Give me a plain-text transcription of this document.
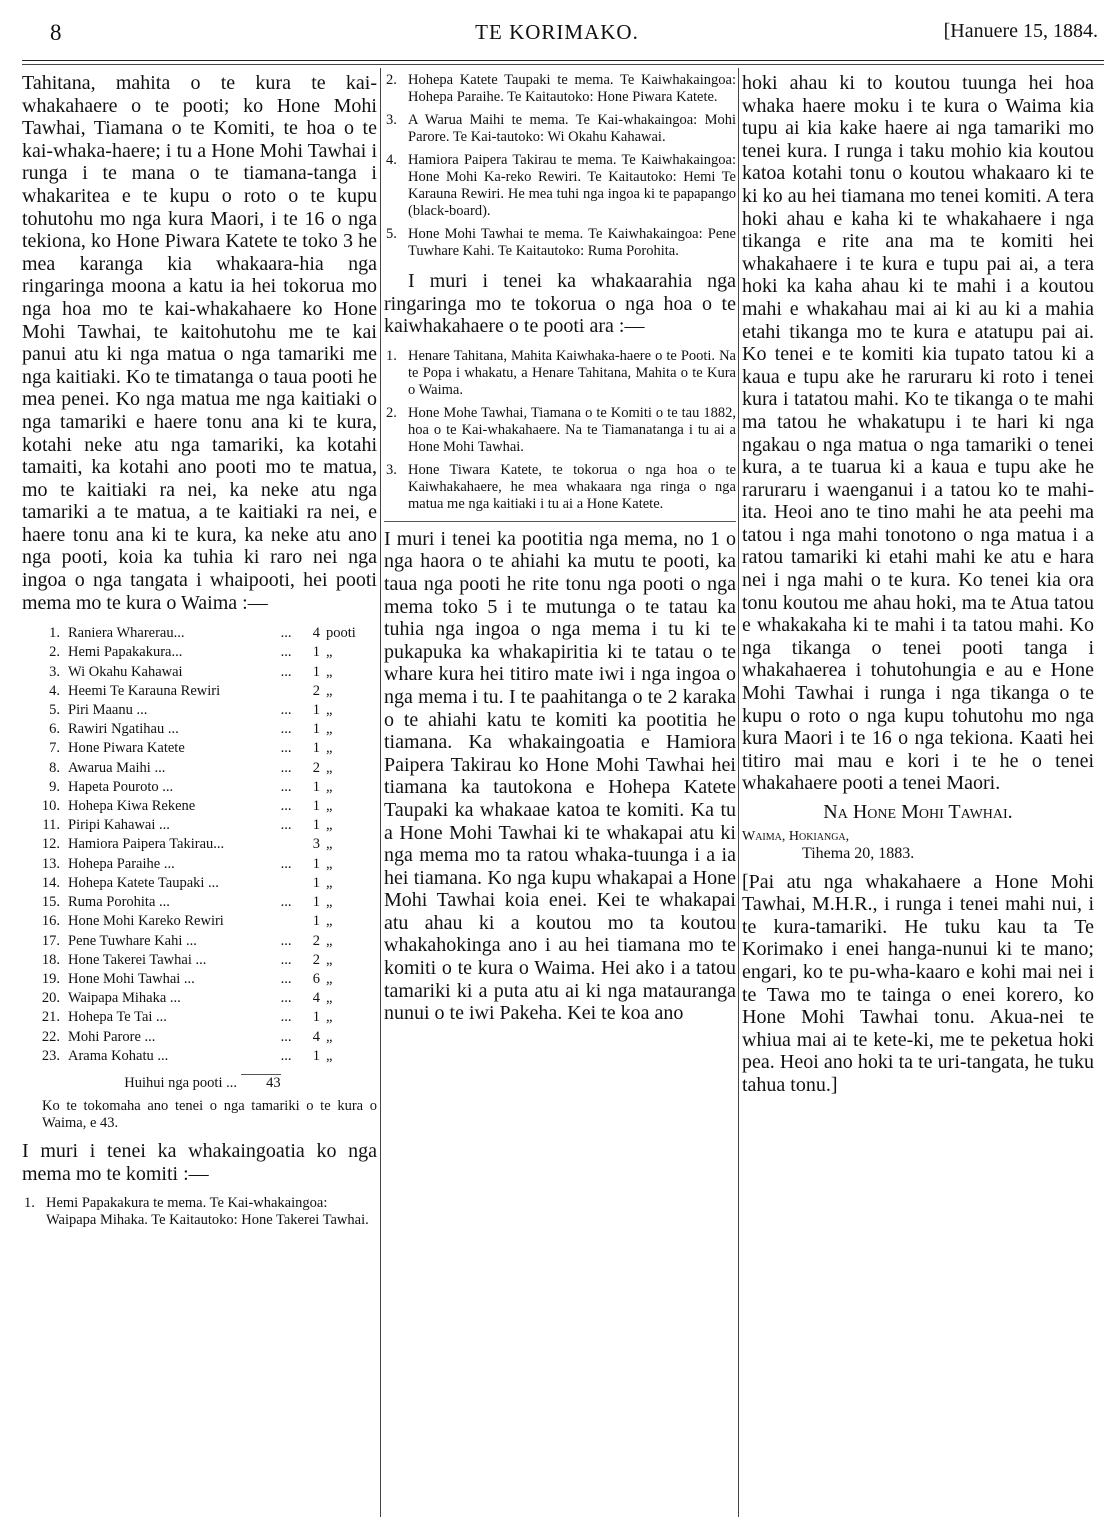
8	TE KORIMAKO.	[Hanuere 15, 1884.

Tahitana, mahita o te kura te kai-whakahaere o te pooti; ko Hone Mohi Tawhai, Tiamana o te Komiti, te hoa o te kai-whaka-haere; i tu a Hone Mohi Tawhai i runga i te mana o te tiamana-tanga i whakaritea e te kupu o roto o te kupu tohutohu mo nga kura Maori, i te 16 o nga tekiona, ko Hone Piwara Katete te toko 3 he mea karanga kia whakaara-hia nga ringaringa moona a katu ia hei tokorua mo nga hoa mo te kai-whakahaere ko Hone Mohi Tawhai, te kaitohutohu me te kai panui atu ki nga matua o nga tamariki me nga kaitiaki. Ko te timatanga o taua pooti he mea penei. Ko nga matua me nga kaitiaki o nga tamariki e haere tonu ana ki te kura, kotahi neke atu nga tamariki, ka kotahi tamaiti, ka kotahi ano pooti mo te matua, mo te kaitiaki ra nei, ka neke atu nga tamariki a te matua, a te kaitiaki ra nei, e haere tonu ana ki te kura, ka neke atu ano nga pooti, koia ka tuhia ki raro nei nga ingoa o nga tangata i whaipooti, hei pooti mema mo te kura o Waima :—

1.	Raniera Wharerau...	...	4	pooti
2.	Hemi Papakakura...	...	1	„
3.	Wi Okahu Kahawai	...	1	„
4.	Heemi Te Karauna Rewiri		2	„
5.	Piri Maanu ...	...	1	„
6.	Rawiri Ngatihau ...	...	1	„
7.	Hone Piwara Katete	...	1	„
8.	Awarua Maihi ...	...	2	„
9.	Hapeta Pouroto ...	...	1	„
10.	Hohepa Kiwa Rekene	...	1	„
11.	Piripi Kahawai ...	...	1	„
12.	Hamiora Paipera Takirau...		3	„
13.	Hohepa Paraihe ...	...	1	„
14.	Hohepa Katete Taupaki ...		1	„
15.	Ruma Porohita ...	...	1	„
16.	Hone Mohi Kareko Rewiri		1	„
17.	Pene Tuwhare Kahi ...	...	2	„
18.	Hone Takerei Tawhai ...	...	2	„
19.	Hone Mohi Tawhai ...	...	6	„
20.	Waipapa Mihaka ...	...	4	„
21.	Hohepa Te Tai ...	...	1	„
22.	Mohi Parore ...	...	4	„
23.	Arama Kohatu ...	...	1	„
Huihui nga pooti ... 43

Ko te tokomaha ano tenei o nga tamariki o te kura o Waima, e 43.

I muri i tenei ka whakaingoatia ko nga mema mo te komiti :—

1. Hemi Papakakura te mema. Te Kai-whakaingoa: Waipapa Mihaka. Te Kaitautoko: Hone Takerei Tawhai.
2. Hohepa Katete Taupaki te mema. Te Kaiwhakaingoa: Hohepa Paraihe. Te Kaitautoko: Hone Piwara Katete.
3. A Warua Maihi te mema. Te Kai-whakaingoa: Mohi Parore. Te Kai-tautoko: Wi Okahu Kahawai.
4. Hamiora Paipera Takirau te mema. Te Kaiwhakaingoa: Hone Mohi Ka-reko Rewiri. Te Kaitautoko: Hemi Te Karauna Rewiri. He mea tuhi nga ingoa ki te papapango (black-board).
5. Hone Mohi Tawhai te mema. Te Kaiwhakaingoa: Pene Tuwhare Kahi. Te Kaitautoko: Ruma Porohita.

I muri i tenei ka whakaarahia nga ringaringa mo te tokorua o nga hoa o te kaiwhakahaere o te pooti ara :—

1. Henare Tahitana, Mahita Kaiwhaka-haere o te Pooti. Na te Popa i whakatu, a Henare Tahitana, Mahita o te Kura o Waima.
2. Hone Mohe Tawhai, Tiamana o te Komiti o te tau 1882, hoa o te Kai-whakahaere. Na te Tiamanatanga i tu ai a Hone Mohi Tawhai.
3. Hone Tiwara Katete, te tokorua o nga hoa o te Kaiwhakahaere, he mea whakaara nga ringa o nga matua me nga kaitiaki i tu ai a Hone Katete.

I muri i tenei ka pootitia nga mema, no 1 o nga haora o te ahiahi ka mutu te pooti, ka taua nga pooti he rite tonu nga pooti o nga mema toko 5 i te mutunga o te tatau ka tuhia nga ingoa o nga mema i tu ki te pukapuka ka whakapiritia ki te tatau o te whare kura hei titiro mate iwi i nga ingoa o nga mema i tu. I te paahitanga o te 2 karaka o te ahiahi katu te komiti ka pootitia he tiamana. Ka whakaingoatia e Hamiora Paipera Takirau ko Hone Mohi Tawhai hei tiamana ka tautokona e Hohepa Katete Taupaki ka whakaae katoa te komiti. Ka tu a Hone Mohi Tawhai ki te whakapai atu ki nga mema mo ta ratou whaka-tuunga i a ia hei tiamana. Ko nga kupu whakapai a Hone Mohi Tawhai koia enei. Kei te whakapai atu ahau ki a koutou mo ta koutou whakahokinga ano i au hei tiamana mo te komiti o te kura o Waima. Hei ako i a tatou tamariki ki a puta atu ai ki nga matauranga nunui o te iwi Pakeha. Kei te koa ano

hoki ahau ki to koutou tuunga hei hoa whaka haere moku i te kura o Waima kia tupu ai kia kake haere ai nga tamariki mo tenei kura. I runga i taku mohio kia koutou katoa kotahi tonu o koutou whakaaro ki te ki ko au hei tiamana mo tenei komiti. A tera hoki ahau e kaha ki te whakahaere i nga tikanga e rite ana ma te komiti hei whakahaere i te kura e tupu pai ai, a tera hoki ka kaha ahau ki te mahi i a koutou mahi e whakahau mai ai ki au ki a mahia etahi tikanga mo te kura e atatupu pai ai. Ko tenei e te komiti kia tupato tatou ki a kaua e tupu ake he raruraru ki roto i tenei kura i tatatou mahi. Ko te tikanga o te mahi ma tatou he whakatupu i te hari ki nga ngakau o nga matua o nga tamariki o tenei kura, a te tuarua ki a kaua e tupu ake he raruraru i waenganui i a tatou ko te mahi-ita. Heoi ano te tino mahi he ata peehi ma tatou i nga mahi tonotono o nga matua i a ratou tamariki ki etahi mahi ke atu e hara nei i nga mahi o te kura. Ko tenei kia ora tonu koutou me ahau hoki, ma te Atua tatou e whakakaha ki te mahi i ta tatou mahi. Ko nga tikanga o tenei pooti tanga i whakahaerea i tohutohungia e au e Hone Mohi Tawhai i runga i nga tikanga o te kupu o roto o nga kupu tohutohu mo nga kura Maori i te 16 o nga tekiona. Kaati hei titiro mai mau e kori i te he o tenei whakahaere pooti a tenei Maori.

Na Hone Mohi Tawhai.
Waima, Hokianga,
Tihema 20, 1883.

[Pai atu nga whakahaere a Hone Mohi Tawhai, M.H.R., i runga i tenei mahi nui, i te kura-tamariki. He tuku kau ta Te Korimako i enei hanga-nunui ki te mano; engari, ko te pu-wha-kaaro e kohi mai nei i te Tawa mo te tainga o enei korero, ko Hone Mohi Tawhai tonu. Akua-nei te whiua mai ai te kete-ki, me te peketua hoki pea. Heoi ano hoki ta te uri-tangata, he tuku tahua tonu.]
